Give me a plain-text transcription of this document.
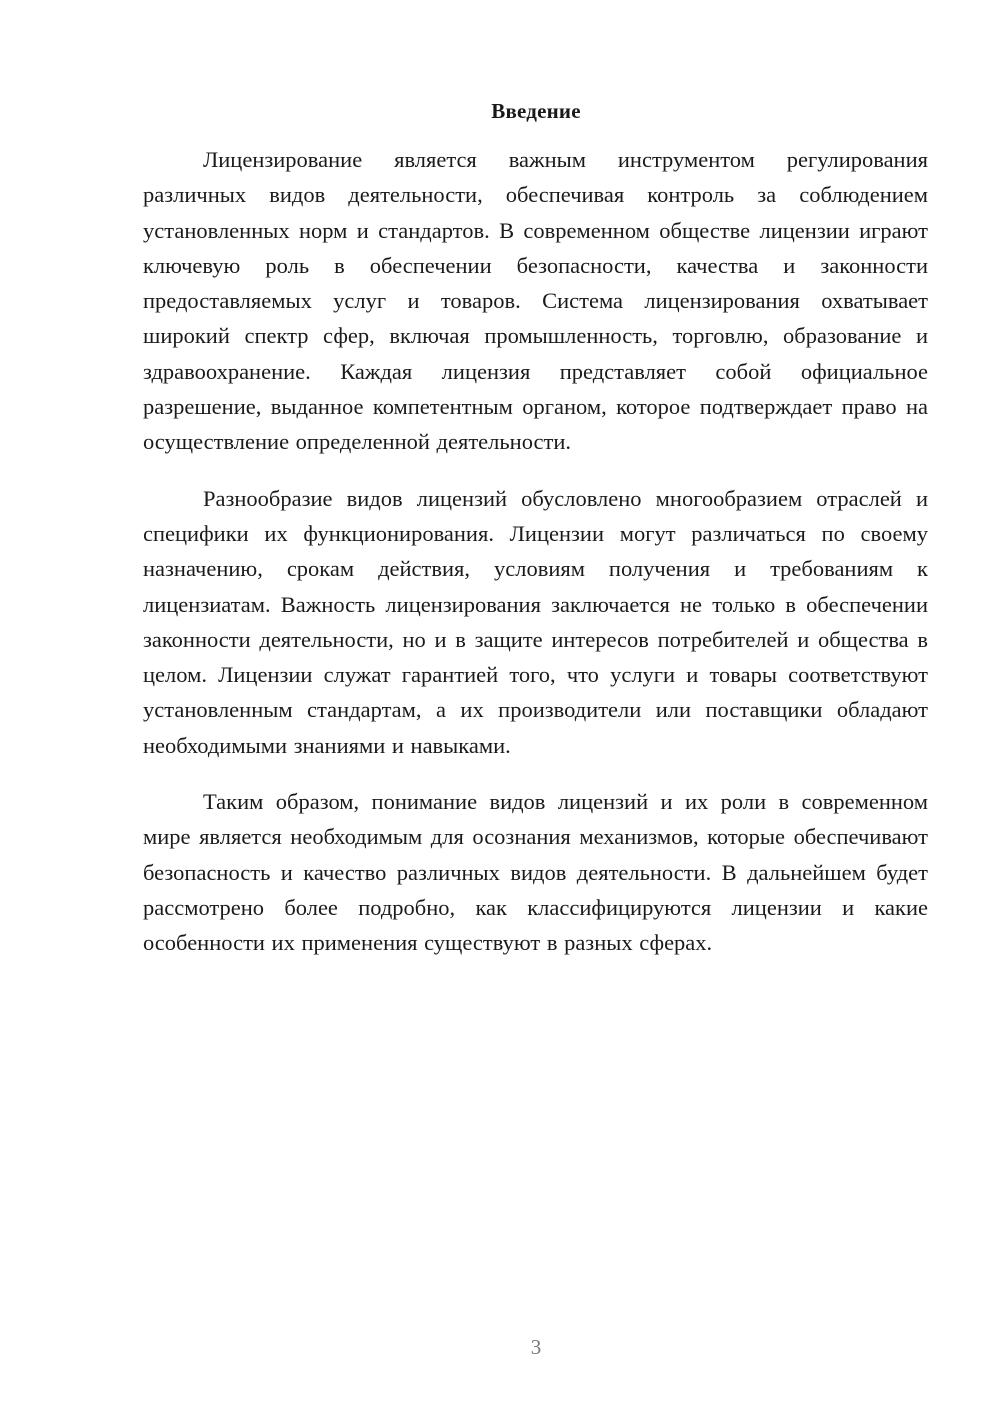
Введение

Лицензирование является важным инструментом регулирования различных видов деятельности, обеспечивая контроль за соблюдением установленных норм и стандартов. В современном обществе лицензии играют ключевую роль в обеспечении безопасности, качества и законности предоставляемых услуг и товаров. Система лицензирования охватывает широкий спектр сфер, включая промышленность, торговлю, образование и здравоохранение. Каждая лицензия представляет собой официальное разрешение, выданное компетентным органом, которое подтверждает право на осуществление определенной деятельности.

Разнообразие видов лицензий обусловлено многообразием отраслей и специфики их функционирования. Лицензии могут различаться по своему назначению, срокам действия, условиям получения и требованиям к лицензиатам. Важность лицензирования заключается не только в обеспечении законности деятельности, но и в защите интересов потребителей и общества в целом. Лицензии служат гарантией того, что услуги и товары соответствуют установленным стандартам, а их производители или поставщики обладают необходимыми знаниями и навыками.

Таким образом, понимание видов лицензий и их роли в современном мире является необходимым для осознания механизмов, которые обеспечивают безопасность и качество различных видов деятельности. В дальнейшем будет рассмотрено более подробно, как классифицируются лицензии и какие особенности их применения существуют в разных сферах.

3
